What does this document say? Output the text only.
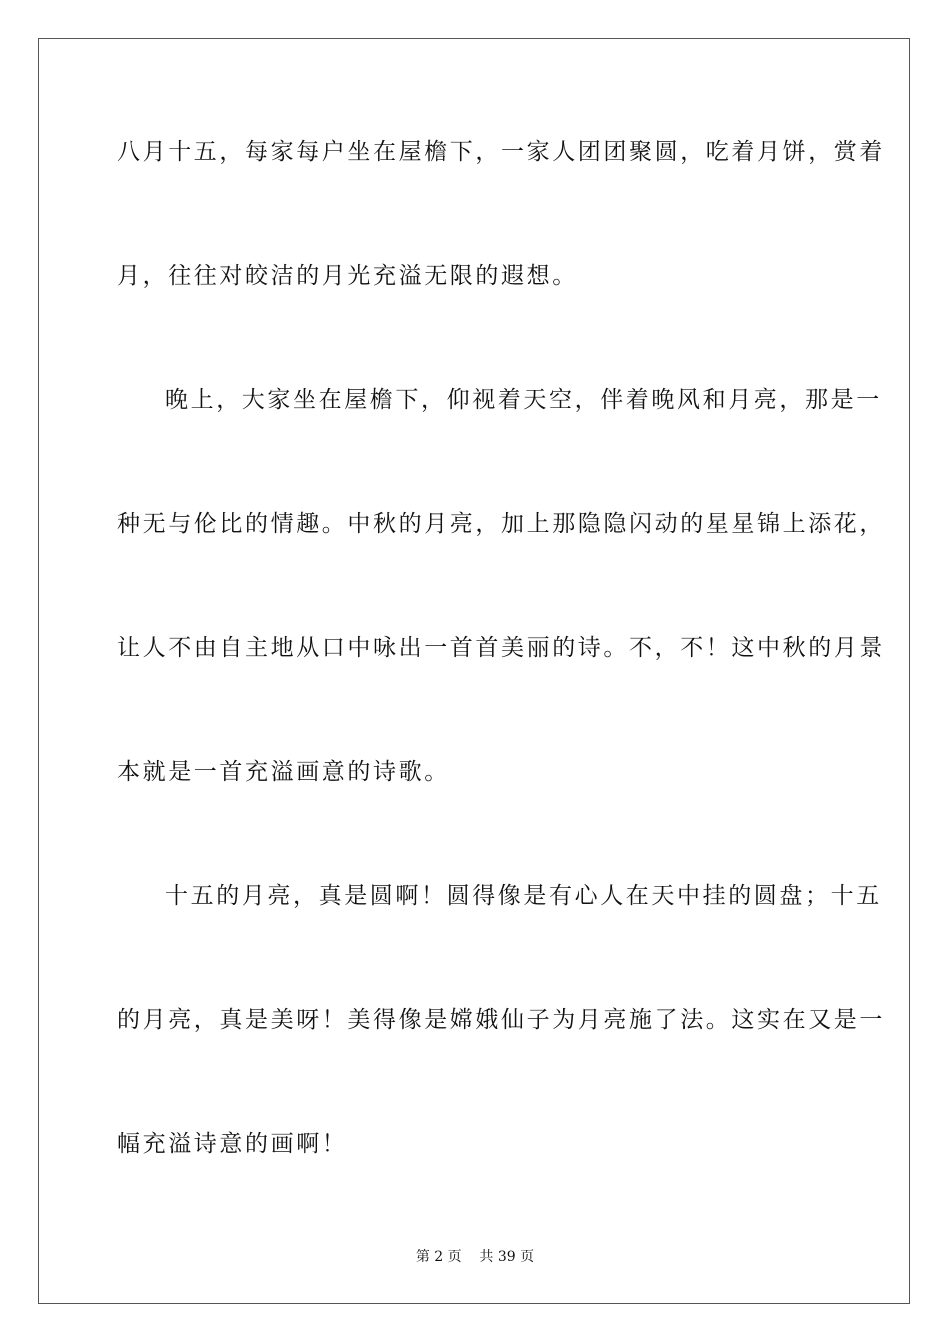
八月十五，每家每户坐在屋檐下，一家人团团聚圆，吃着月饼，赏着
月，往往对皎洁的月光充溢无限的遐想。
晚上，大家坐在屋檐下，仰视着天空，伴着晚风和月亮，那是一
种无与伦比的情趣。中秋的月亮，加上那隐隐闪动的星星锦上添花，
让人不由自主地从口中咏出一首首美丽的诗。不，不！这中秋的月景
本就是一首充溢画意的诗歌。
十五的月亮，真是圆啊！圆得像是有心人在天中挂的圆盘；十五
的月亮，真是美呀！美得像是嫦娥仙子为月亮施了法。这实在又是一
幅充溢诗意的画啊！
第 2 页    共 39 页
